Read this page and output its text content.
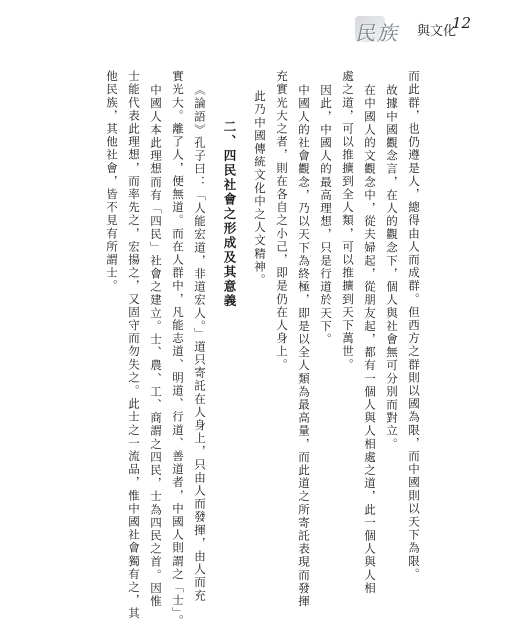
民族 與文化
12
而此群，也仍遵是人，總得由人而成群。但西方之群則以國為限，而中國則以天下為限。
故據中國觀念言，在人的觀念下，個人與社會無可分別而對立。
在中國人的文觀念中，從夫婦起，從朋友起，都有一個人與人相處之道，此一個人與人相
處之道，可以推擴到全人類，可以推擴到天下萬世。
因此，中國人的最高理想，只是行道於天下。
中國人的社會觀念，乃以天下為終極，即是以全人類為最高量，而此道之所寄託表現而發揮
充實光大之者，則在各自之小己，即是仍在人身上。
此乃中國傳統文化中之人文精神。
二、四民社會之形成及其意義
《論語》孔子曰：「人能宏道，非道宏人。」道只寄託在人身上，只由人而發揮，由人而充
實光大。離了人，便無道。而在人群中，凡能志道、明道、行道、善道者，中國人則謂之「士」。
中國人本此理想而有「四民」社會之建立。士、農、工、商謂之四民，士為四民之首。因惟
士能代表此理想，而率先之，宏揚之，又固守而勿失之。此士之一流品，惟中國社會獨有之，其
他民族，其他社會，皆不見有所謂士。
